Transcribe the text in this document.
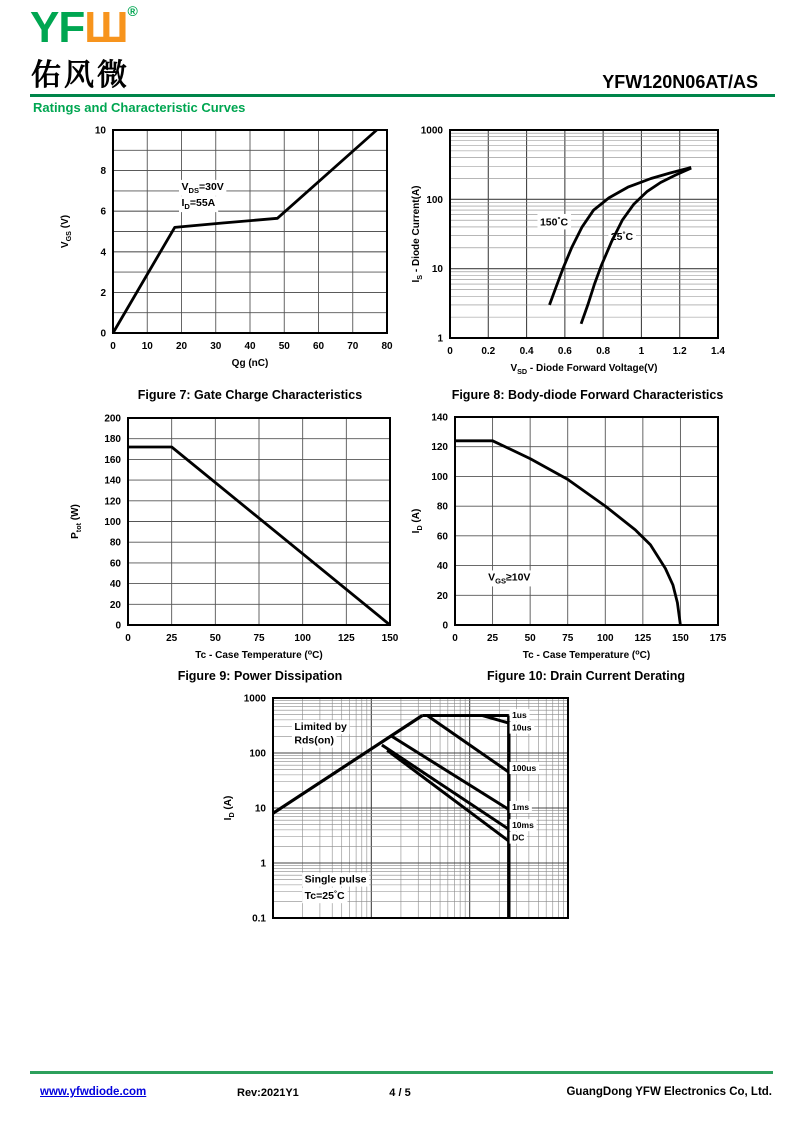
YFШ®
佑风微	YFW120N06AT/AS
Ratings and Characteristic Curves
$V_{DS}=30V$
$I_D=55A$
0	10 20 30 40 50 60 70 80
0
2
4
6
8
10
Qg (nC)
$V_{GS}$ (V)	150°C
25°C
0	0.2 0.4 0.6 0.8	1	1.2 1.4
1
10
100
1000
$V_{SD}$ - Diode Forward Voltage(V)
$I_S$ - Diode Current(A)
0	25	50	75	100	125	150
0
20
40
60
80
100
120
140
160
180
200
Tc - Case Temperature ($^o$C)
$P_{tot}$ (W)
$V_{GS}\ge 10V$
0	25	50	75 100 125 150 175
0
20
40
60
80
100
120
140
Tc - Case Temperature ($^o$C)
$I_D$ (A)
Limited by
Rds(on)
Single pulse
Tc=25°C
1us
10us
100us
1ms
10ms
DC
0.1
1
10
100
1000
$I_D$ (A)
Figure 7: Gate Charge Characteristics	Figure 8: Body-diode Forward Characteristics
Figure 9: Power Dissipation	Figure 10: Drain Current Derating
www.yfwdiode.com	Rev:2021Y1	4 / 5	GuangDong YFW Electronics Co, Ltd.
